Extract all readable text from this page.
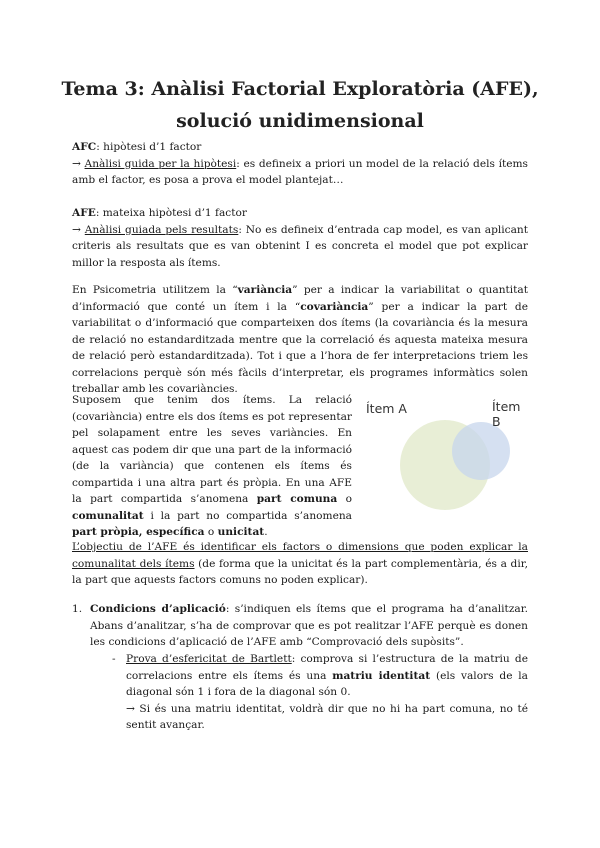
Tema 3: Anàlisi Factorial Exploratòria (AFE),
solució unidimensional

AFC: hipòtesi d’1 factor

→ Anàlisi guida per la hipòtesi: es defineix a priori un model de la relació dels ítems amb el factor, es posa a prova el model plantejat…

AFE: mateixa hipòtesi d’1 factor

→ Anàlisi guiada pels resultats: No es defineix d’entrada cap model, es van aplicant criteris als resultats que es van obtenint I es concreta el model que pot explicar millor la resposta als ítems.

En Psicometria utilitzem la “variància” per a indicar la variabilitat o quantitat d’informació que conté un ítem i la “covariància” per a indicar la part de variabilitat o d’informació que comparteixen dos ítems (la covariància és la mesura de relació no estandarditzada mentre que la correlació és aquesta mateixa mesura de relació però estandarditzada). Tot i que a l’hora de fer interpretacions triem les correlacions perquè són més fàcils d’interpretar, els programes informàtics solen treballar amb les covariàncies.

Suposem que tenim dos ítems. La relació (covariància) entre els dos ítems es pot representar pel solapament entre les seves variàncies. En aquest cas podem dir que una part de la informació (de la variància) que contenen els ítems és compartida i una altra part és pròpia. En una AFE la part compartida s’anomena part comuna o comunalitat i la part no compartida s’anomena part pròpia, específica o unicitat.

Ítem A	Ítem B

L’objectiu de l’AFE és identificar els factors o dimensions que poden explicar la comunalitat dels ítems (de forma que la unicitat és la part complementària, és a dir, la part que aquests factors comuns no poden explicar).

1. Condicions d’aplicació: s’indiquen els ítems que el programa ha d’analitzar. Abans d’analitzar, s’ha de comprovar que es pot realitzar l’AFE perquè es donen les condicions d’aplicació de l’AFE amb “Comprovació dels supòsits”.

- Prova d’esfericitat de Bartlett: comprova si l’estructura de la matriu de correlacions entre els ítems és una matriu identitat (els valors de la diagonal són 1 i fora de la diagonal són 0.

→ Si és una matriu identitat, voldrà dir que no hi ha part comuna, no té sentit avançar.
